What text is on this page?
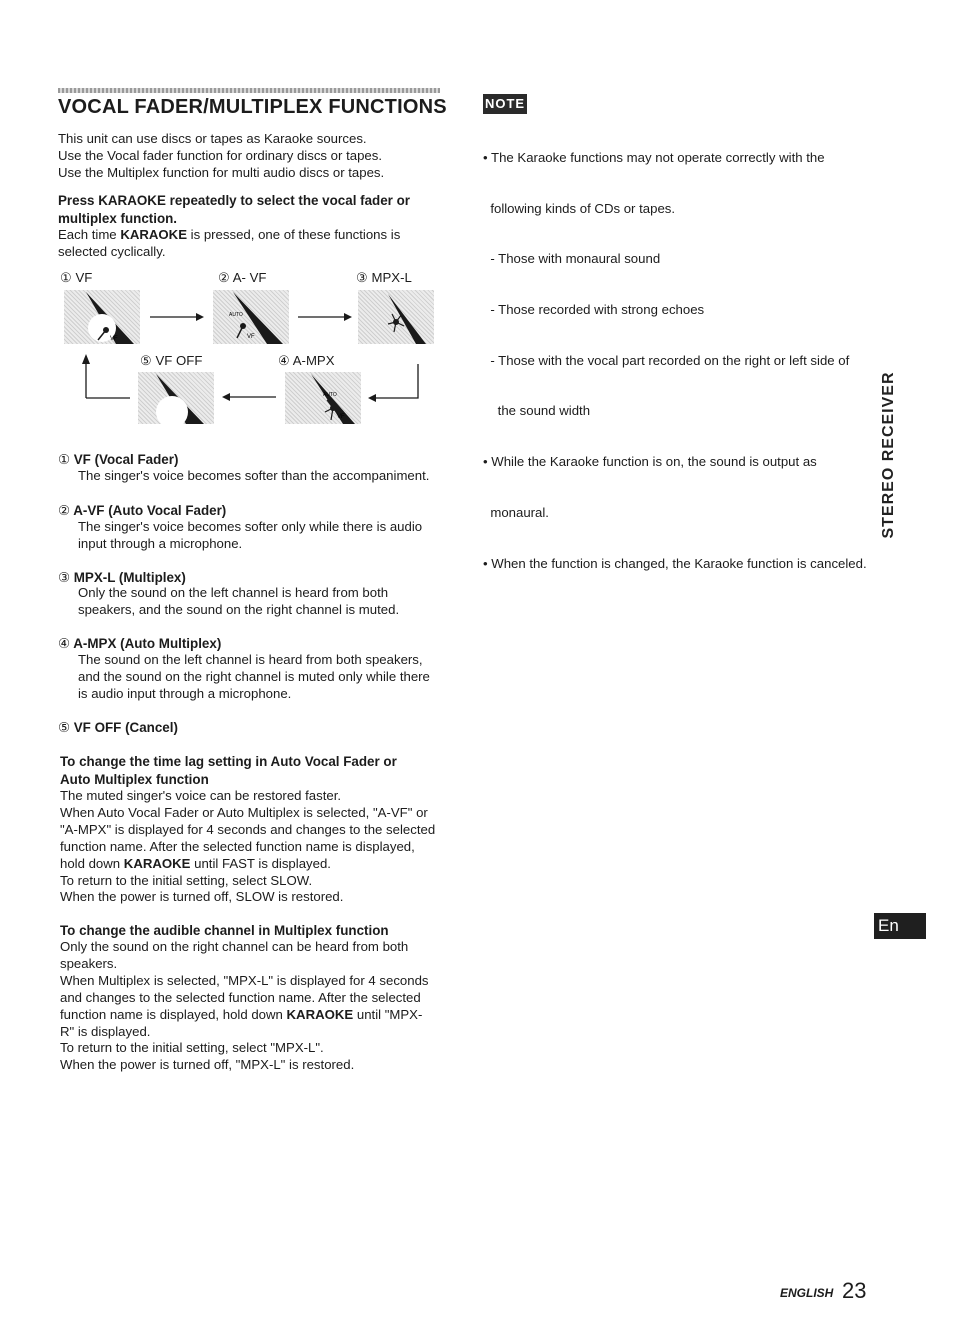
VOCAL FADER/MULTIPLEX FUNCTIONS
This unit can use discs or tapes as Karaoke sources.
Use the Vocal fader function for ordinary discs or tapes.
Use the Multiplex function for multi audio discs or tapes.
Press KARAOKE repeatedly to select the vocal fader or
multiplex function.
Each time KARAOKE is pressed, one of these functions is
selected cyclically.
① VF	② A- VF	③ MPX-L
⑤ VF OFF	④ A-MPX
VF
AUTO
VF
AUTO
VF
① VF (Vocal Fader)
The singer's voice becomes softer than the accompaniment.
② A-VF (Auto Vocal Fader)
The singer's voice becomes softer only while there is audio
input through a microphone.
③ MPX-L (Multiplex)
Only the sound on the left channel is heard from both
speakers, and the sound on the right channel is muted.
④ A-MPX (Auto Multiplex)
The sound on the left channel is heard from both speakers,
and the sound on the right channel is muted only while there
is audio input through a microphone.
⑤ VF OFF (Cancel)
To change the time lag setting in Auto Vocal Fader or
Auto Multiplex function
The muted singer's voice can be restored faster.
When Auto Vocal Fader or Auto Multiplex is selected, "A-VF" or
"A-MPX" is displayed for 4 seconds and changes to the selected
function name. After the selected function name is displayed,
hold down KARAOKE until FAST is displayed.
To return to the initial setting, select SLOW.
When the power is turned off, SLOW is restored.
To change the audible channel in Multiplex function
Only the sound on the right channel can be heard from both
speakers.
When Multiplex is selected, "MPX-L" is displayed for 4 seconds
and changes to the selected function name. After the selected
function name is displayed, hold down KARAOKE until "MPX-
R" is displayed.
To return to the initial setting, select "MPX-L".
When the power is turned off, "MPX-L" is restored.
NOTE

• The Karaoke functions may not operate correctly with the

following kinds of CDs or tapes.

- Those with monaural sound

- Those recorded with strong echoes

- Those with the vocal part recorded on the right or left side of

the sound width

• While the Karaoke function is on, the sound is output as

monaural.

• When the function is changed, the Karaoke function is canceled.

STEREO RECEIVER
En
ENGLISH 23
